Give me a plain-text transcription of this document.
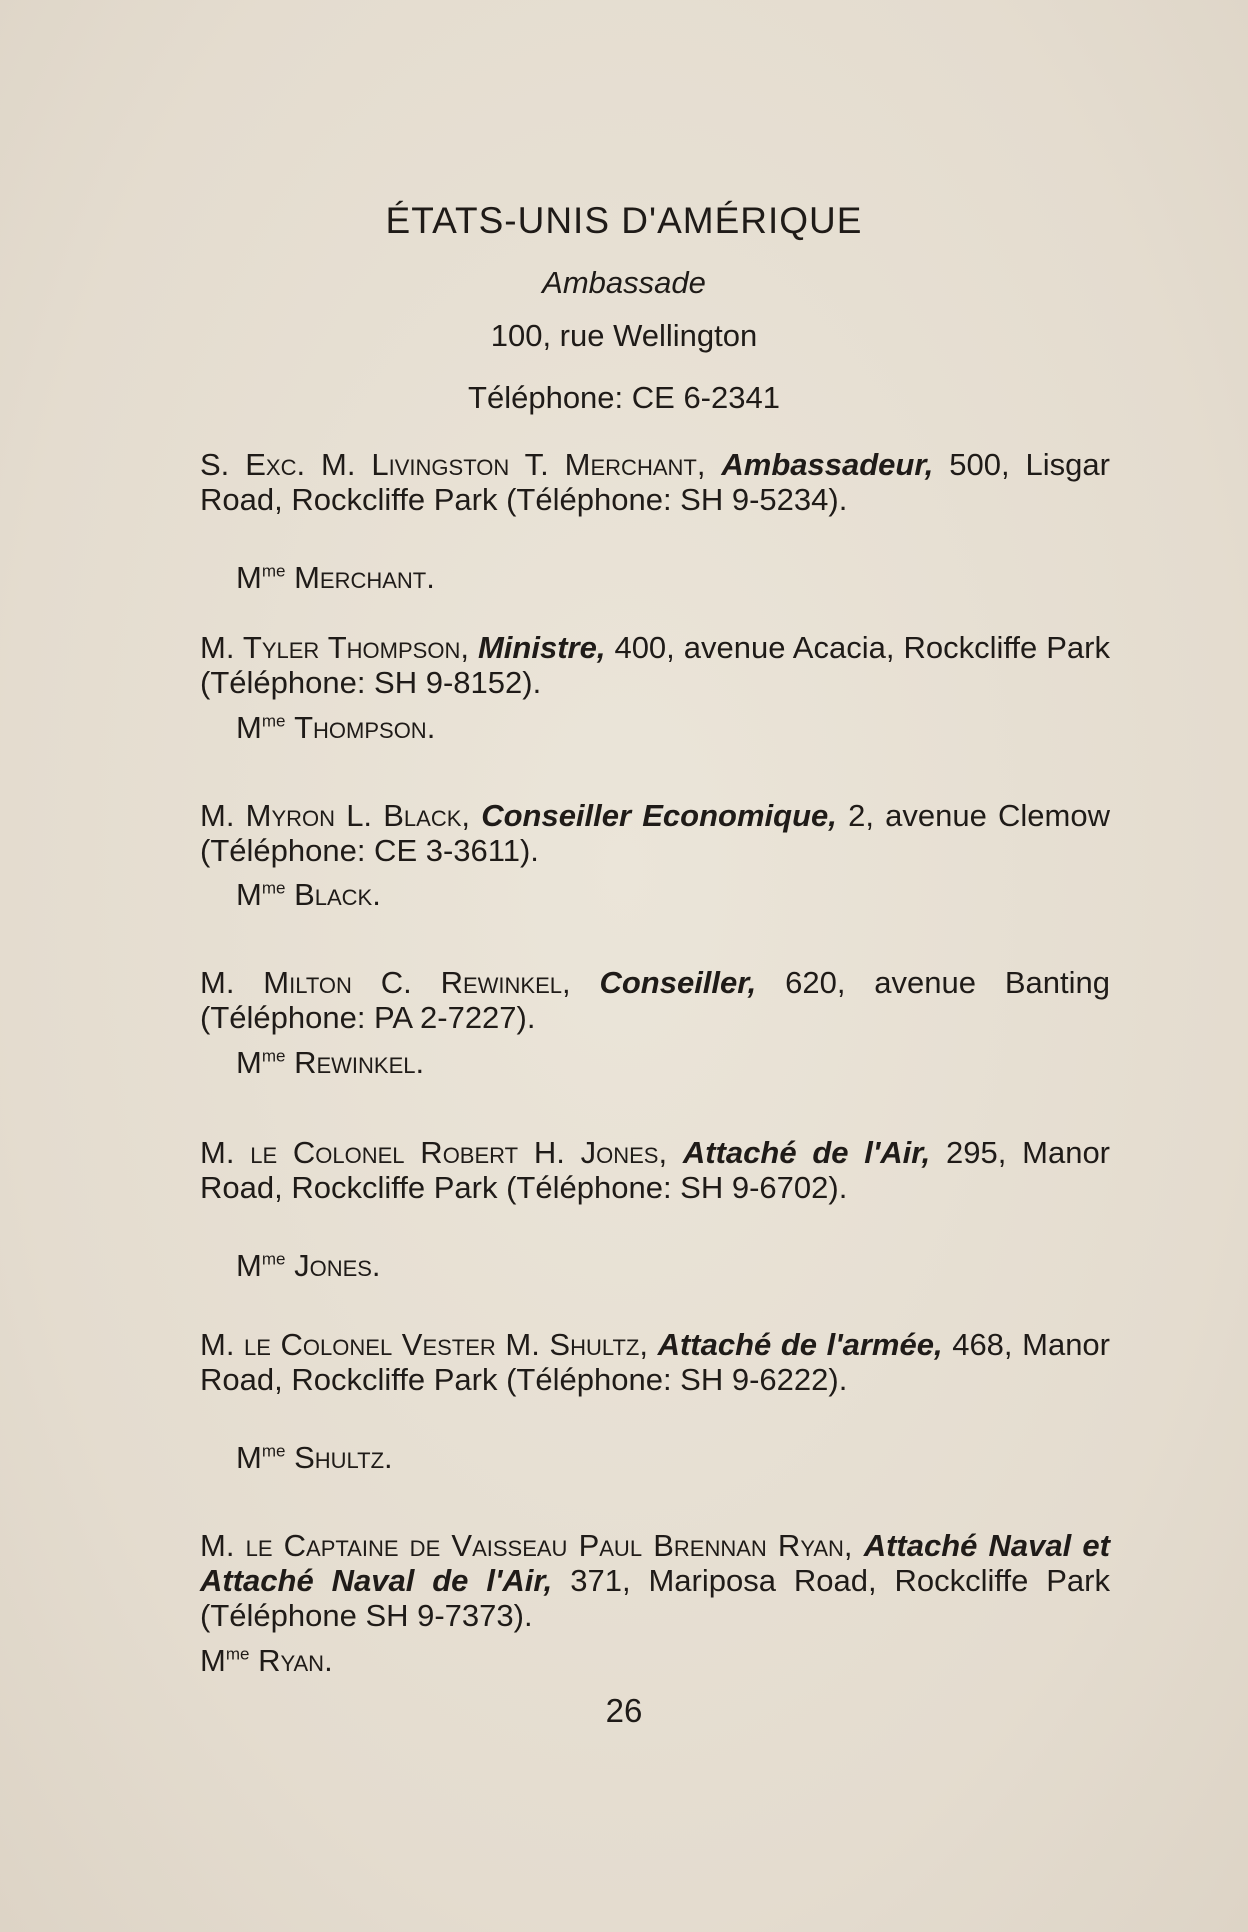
ÉTATS-UNIS D'AMÉRIQUE
Ambassade
100, rue Wellington
Téléphone: CE 6-2341
S. Exc. M. Livingston T. Merchant, Ambassadeur, 500, Lisgar Road, Rockcliffe Park (Téléphone: SH 9-5234).
$M^{me}$ Merchant.
M. Tyler Thompson, Ministre, 400, avenue Acacia, Rockcliffe Park (Téléphone: SH 9-8152).
$M^{me}$ Thompson.
M. Myron L. Black, Conseiller Economique, 2, avenue Clemow (Téléphone: CE 3-3611).
$M^{me}$ Black.
M. Milton C. Rewinkel, Conseiller, 620, avenue Banting (Téléphone: PA 2-7227).
$M^{me}$ Rewinkel.
M. le Colonel Robert H. Jones, Attaché de l'Air, 295, Manor Road, Rockcliffe Park (Téléphone: SH 9-6702).
$M^{me}$ Jones.
M. le Colonel Vester M. Shultz, Attaché de l'armée, 468, Manor Road, Rockcliffe Park (Téléphone: SH 9-6222).
$M^{me}$ Shultz.
M. le Captaine de Vaisseau Paul Brennan Ryan, Attaché Naval et Attaché Naval de l'Air, 371, Mariposa Road, Rockcliffe Park (Téléphone SH 9-7373).
$M^{me}$ Ryan.
26
